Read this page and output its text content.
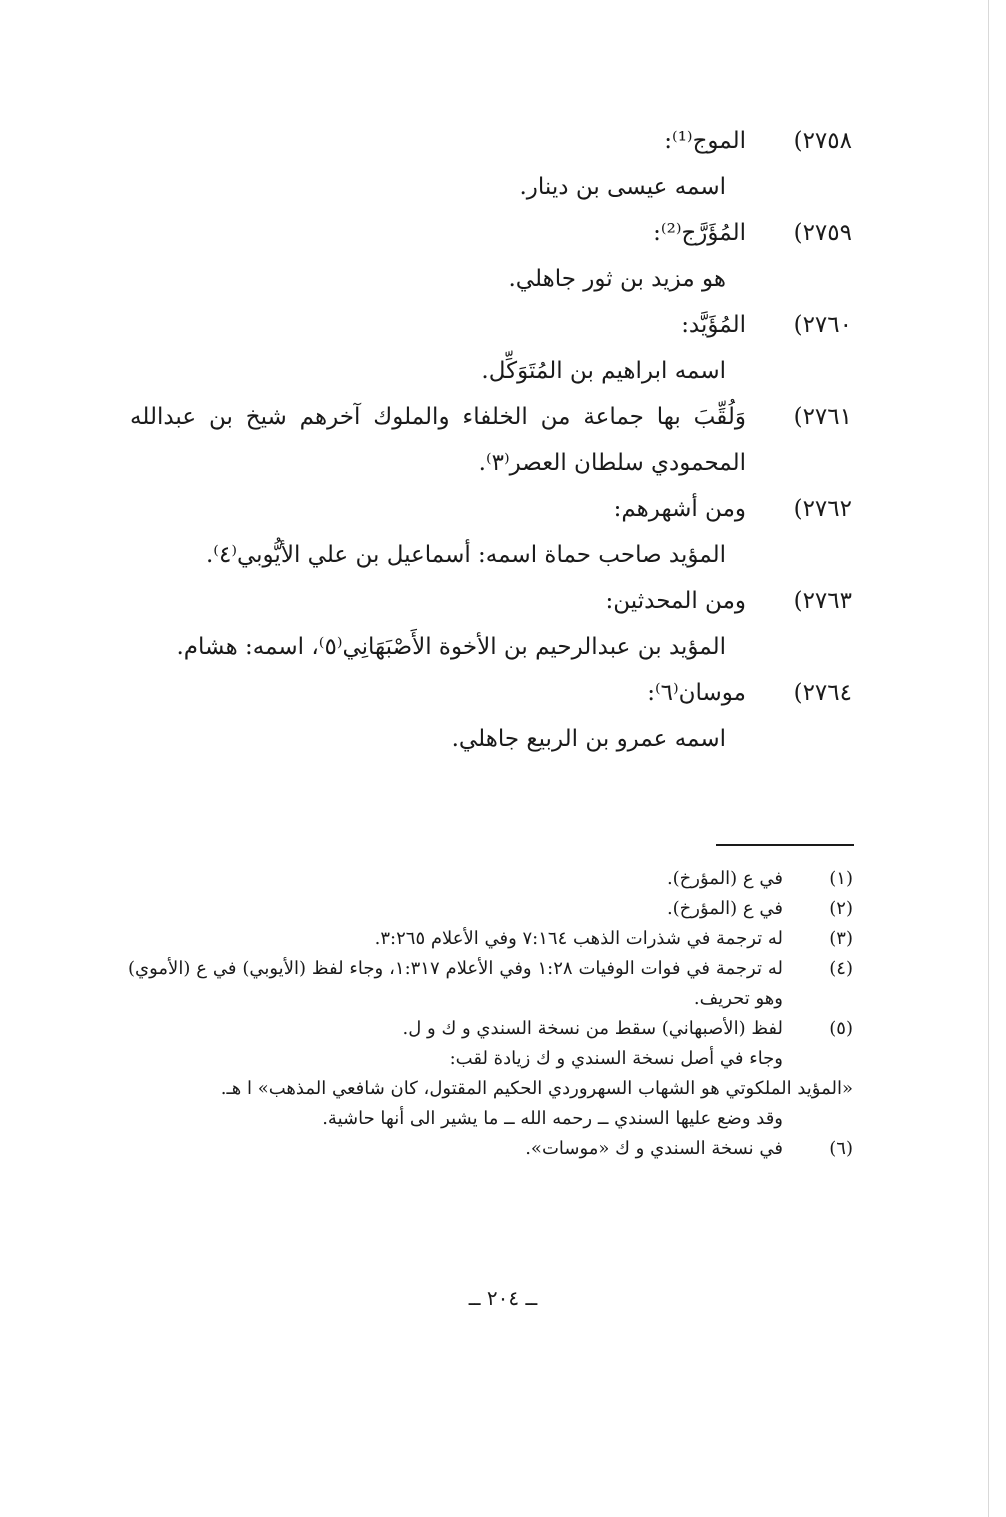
٢٧٥٨)
الموج⁽¹⁾:
اسمه عيسى بن دينار.
٢٧٥٩)
المُؤَرَّج⁽²⁾:
هو مزيد بن ثور جاهلي.
٢٧٦٠)
المُؤَيَّد:
اسمه ابراهيم بن المُتَوَكِّل.
٢٧٦١)
وَلُقِّبَ بها جماعة من الخلفاء والملوك آخرهم شيخ بن عبدالله المحمودي سلطان العصر⁽٣⁾.
٢٧٦٢)
ومن أشهرهم:
المؤيد صاحب حماة اسمه: أسماعيل بن علي الأيُّوبي⁽٤⁾.
٢٧٦٣)
ومن المحدثين:
المؤيد بن عبدالرحيم بن الأخوة الأَصْبَهَانِي⁽٥⁾، اسمه: هشام.
٢٧٦٤)
موسان⁽٦⁾:
اسمه عمرو بن الربيع جاهلي.
(١)
في ع (المؤرخ).
(٢)
في ع (المؤرخ).
(٣)
له ترجمة في شذرات الذهب ٧:١٦٤ وفي الأعلام ٣:٢٦٥.
(٤)
له ترجمة في فوات الوفيات ١:٢٨ وفي الأعلام ١:٣١٧، وجاء لفظ (الأيوبي) في ع (الأموي) وهو تحريف.
(٥)
لفظ (الأصبهاني) سقط من نسخة السندي و ك و ل.
وجاء في أصل نسخة السندي و ك زيادة لقب:
«المؤيد الملكوتي هو الشهاب السهروردي الحكيم المقتول، كان شافعي المذهب» ا هـ.
وقد وضع عليها السندي ــ رحمه الله ــ ما يشير الى أنها حاشية.
(٦)
في نسخة السندي و ك «موسات».
ــ ٢٠٤ ــ
